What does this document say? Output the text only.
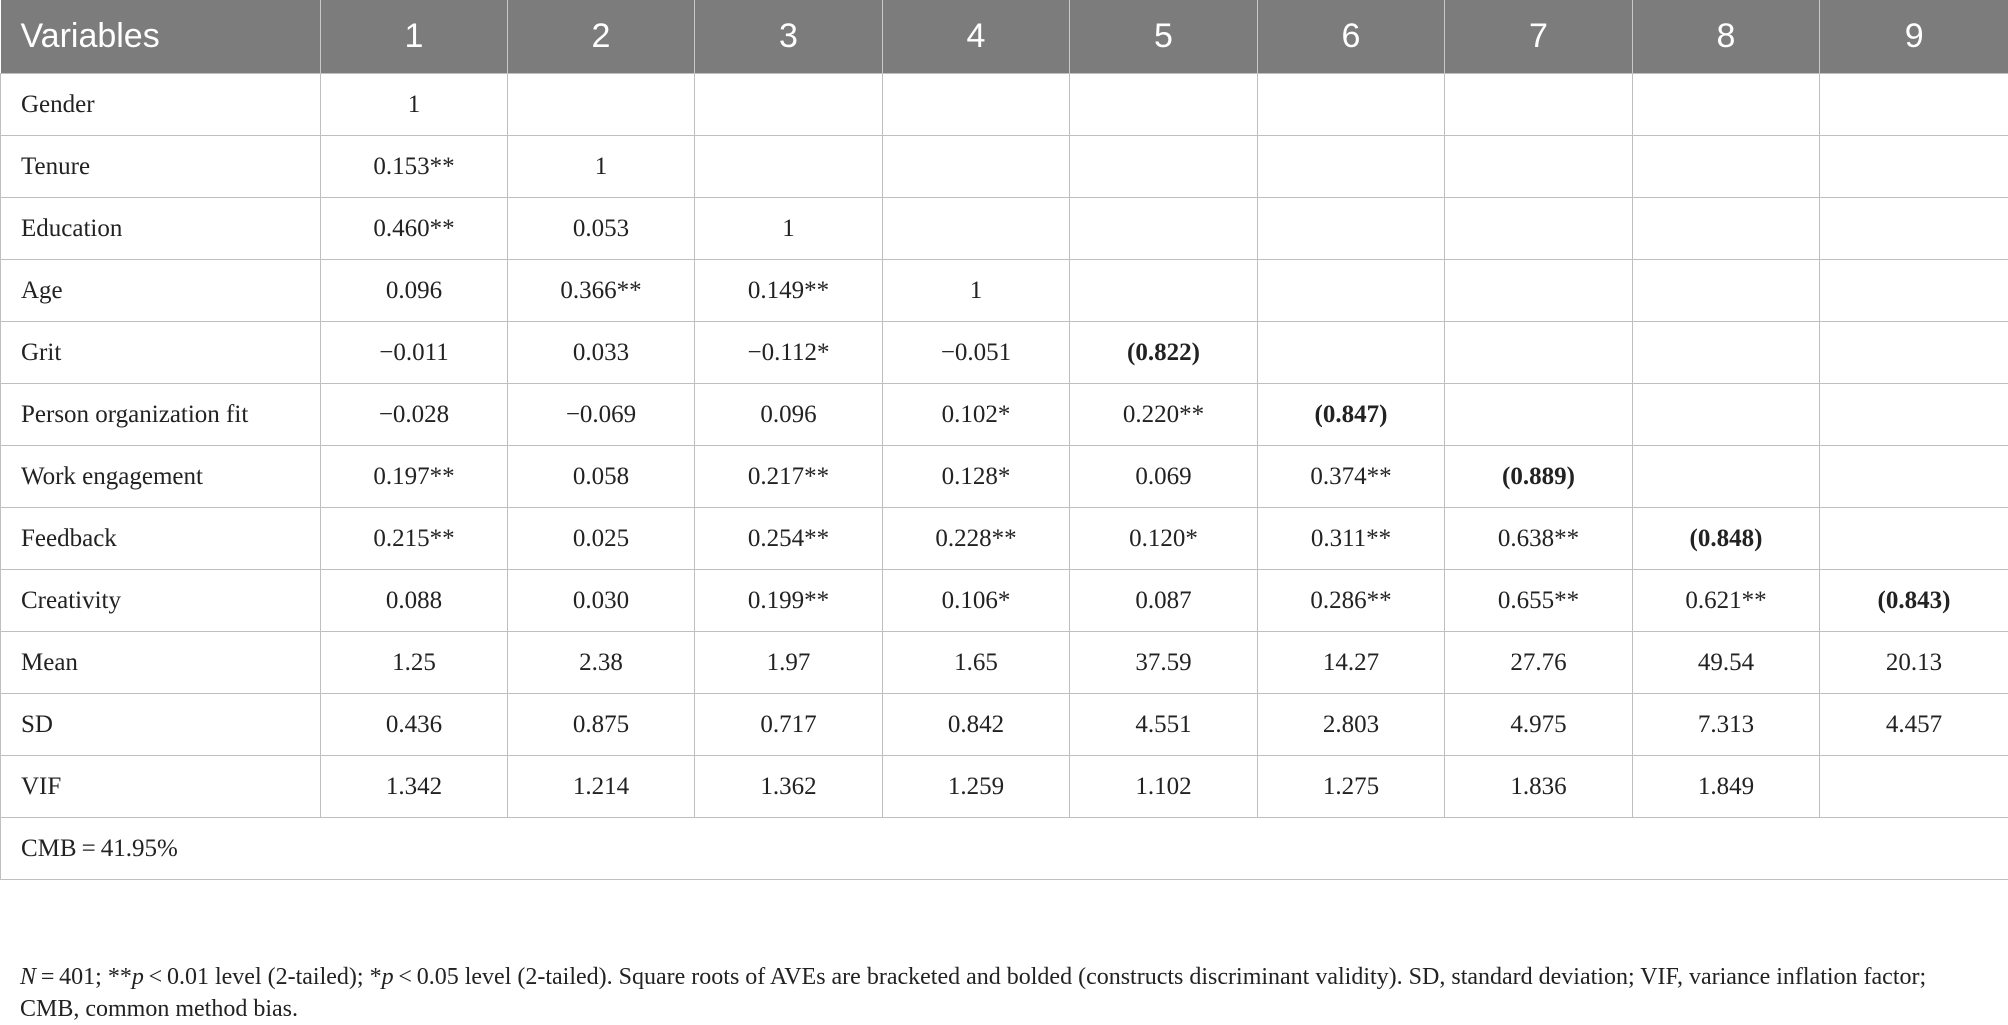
Variables	1	2	3	4	5	6	7	8	9
Gender	1								
Tenure	0.153**	1							
Education	0.460**	0.053	1						
Age	0.096	0.366**	0.149**	1					
Grit	−0.011	0.033	−0.112*	−0.051	(0.822)				
Person organization fit	−0.028	−0.069	0.096	0.102*	0.220**	(0.847)			
Work engagement	0.197**	0.058	0.217**	0.128*	0.069	0.374**	(0.889)		
Feedback	0.215**	0.025	0.254**	0.228**	0.120*	0.311**	0.638**	(0.848)	
Creativity	0.088	0.030	0.199**	0.106*	0.087	0.286**	0.655**	0.621**	(0.843)
Mean	1.25	2.38	1.97	1.65	37.59	14.27	27.76	49.54	20.13
SD	0.436	0.875	0.717	0.842	4.551	2.803	4.975	7.313	4.457
VIF	1.342	1.214	1.362	1.259	1.102	1.275	1.836	1.849	
CMB = 41.95%									

N = 401; **p < 0.01 level (2-tailed); *p < 0.05 level (2-tailed). Square roots of AVEs are bracketed and bolded (constructs discriminant validity). SD, standard deviation; VIF, variance inflation factor; CMB, common method bias.
